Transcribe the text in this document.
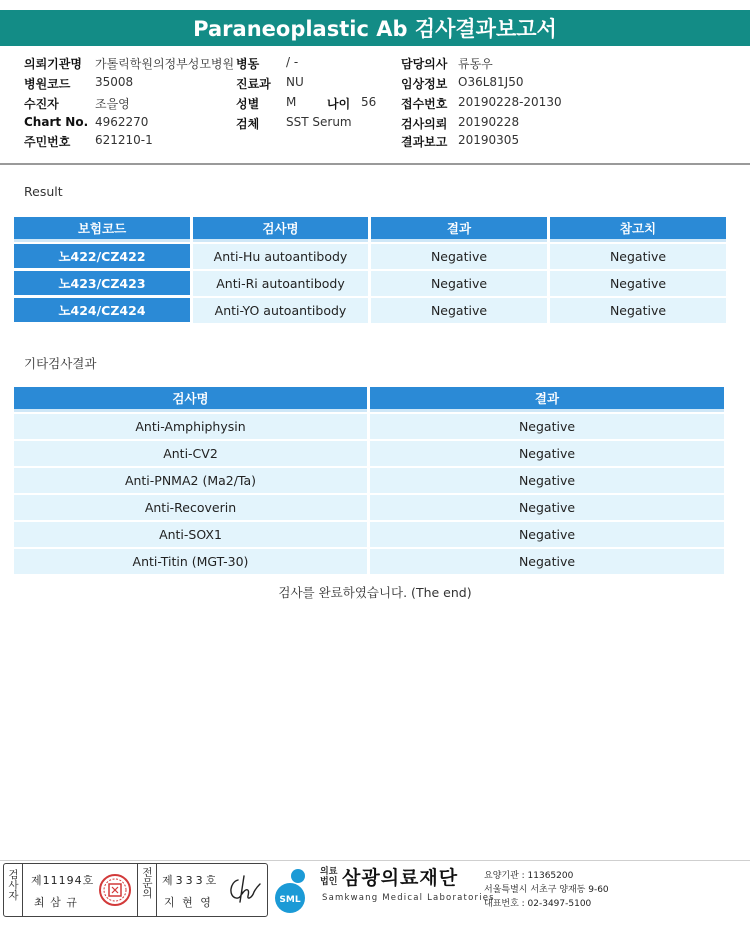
Paraneoplastic Ab 검사결과보고서
의뢰기관명 가톨릭학원의정부성모병원 병동 / -	담당의사 류동우
병원코드 35008	진료과 NU	임상정보 O36L81J50
수진자	조을영	성별 M	나이 56 접수번호 20190228-20130
Chart No. 4962270	검체 SST Serum	검사의뢰 20190228
주민번호 621210-1	결과보고 20190305
Result
보험코드	검사명	결과	참고치
노422/CZ422	Anti-Hu autoantibody	Negative	Negative
노423/CZ423	Anti-Ri autoantibody	Negative	Negative
노424/CZ424	Anti-YO autoantibody	Negative	Negative
기타검사결과
검사명	결과
Anti-Amphiphysin	Negative
Anti-CV2	Negative
Anti-PNMA2 (Ma2/Ta)	Negative
Anti-Recoverin	Negative
Anti-SOX1	Negative
Anti-Titin (MGT-30)	Negative
검사를 완료하였습니다. (The end)
검사자 제11194호
최 삼 규
전문의 제333호
지 현 영	SML
의료
법인 삼광의료재단
Samkwang Medical Laboratories
요양기관 : 11365200
서울특별시 서초구 양재동 9-60
대표번호 : 02-3497-5100
